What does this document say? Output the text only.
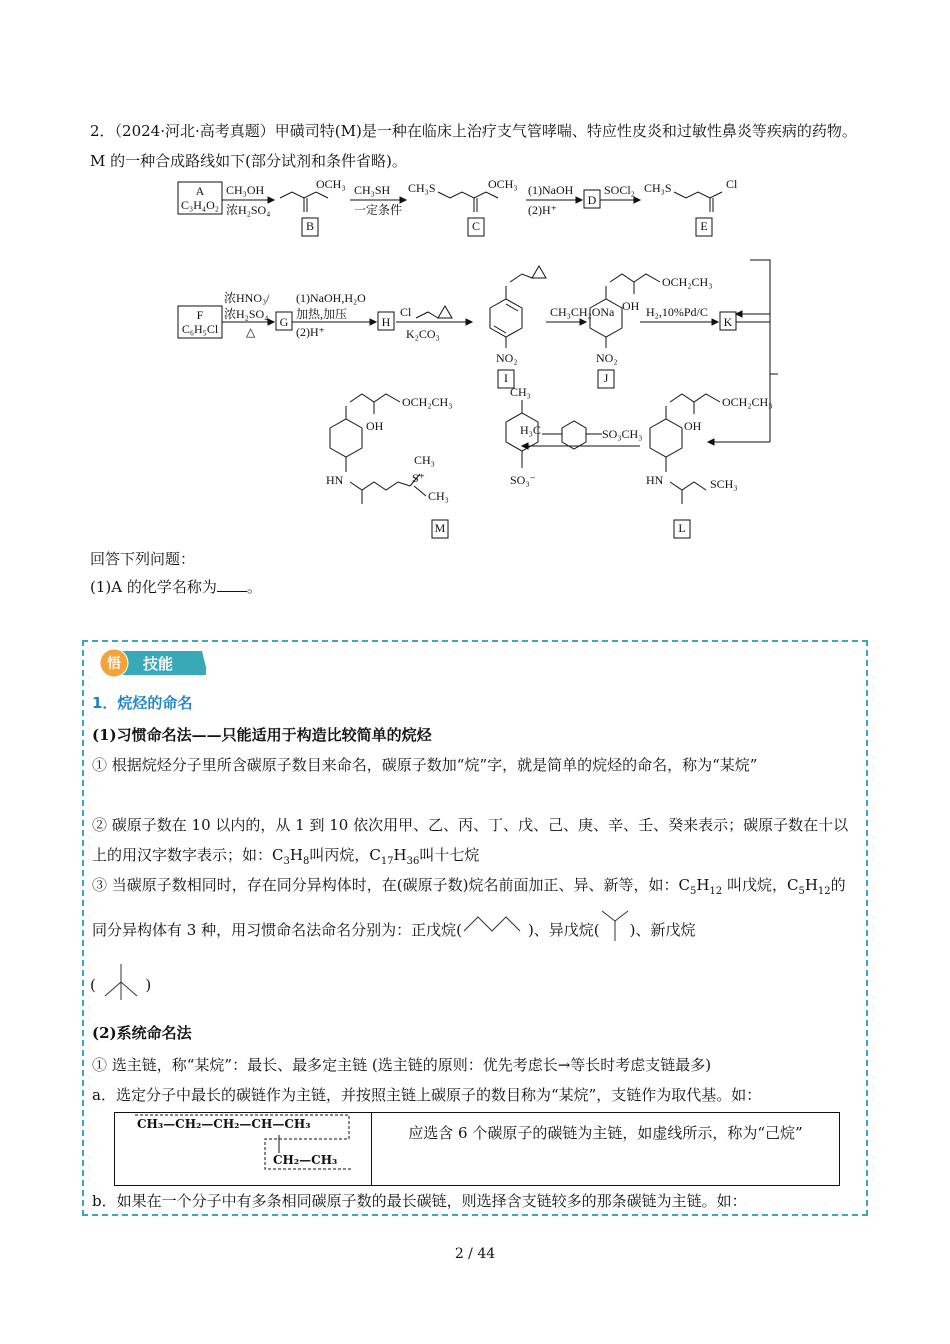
2．（2024·河北·高考真题）甲磺司特(M)是一种在临床上治疗支气管哮喘、特应性皮炎和过敏性鼻炎等疾病的药物。M 的一种合成路线如下(部分试剂和条件省略)。
A
C₃H₄O₂
CH₃OH
浓H₂SO₄
OCH₃ CH₃SH
一定条件
CH₃S	OCH₃ (1)NaOH
(2)H⁺
D
SOCl₂ CH₃S	Cl
B	C	E
F
C₆H₅Cl
浓HNO₃/
浓H₂SO₄
△
G
(1)NaOH,H₂O
加热,加压
(2)H⁺
H
Cl
K₂CO₃
NO₂
I
CH₃CH₂ONa
OCH₂CH₃
OH
NO₂
J
H₂,10%Pd/C
K
OCH₂CH₃
OH
HN	SCH₃
L
H₃C	SO₃CH₃
CH₃
SO₃⁻
OCH₂CH₃
OH
HN	S⁺
CH₃
CH₃
M
回答下列问题：
(1)A 的化学名称为 。
悟 技能
1．烷烃的命名
(1)习惯命名法——只能适用于构造比较简单的烷烃
① 根据烷烃分子里所含碳原子数目来命名，碳原子数加“烷”字，就是简单的烷烃的命名，称为“某烷”
② 碳原子数在 10 以内的，从 1 到 10 依次用甲、乙、丙、丁、戊、己、庚、辛、壬、癸来表示；碳原子数在十以上的用汉字数字表示；如：$C_3H_8$叫丙烷，$C_{17}H_{36}$叫十七烷
③ 当碳原子数相同时，存在同分异构体时，在(碳原子数)烷名前面加正、异、新等，如：$C_5H_{12}$ 叫戊烷，$C_5H_{12}$的同分异构体有 3 种，用习惯命名法命名分别为：正戊烷(	)、异戊烷( )、新戊烷
(	)
(2)系统命名法
① 选主链，称“某烷”：最长、最多定主链 (选主链的原则：优先考虑长→等长时考虑支链最多)
a．选定分子中最长的碳链作为主链，并按照主链上碳原子的数目称为“某烷”，支链作为取代基。如：
CH₃—CH₂—CH₂—CH—CH₃
CH₂—CH₃
应选含 6 个碳原子的碳链为主链，如虚线所示，称为“己烷”
b．如果在一个分子中有多条相同碳原子数的最长碳链，则选择含支链较多的那条碳链为主链。如：
2 / 44
